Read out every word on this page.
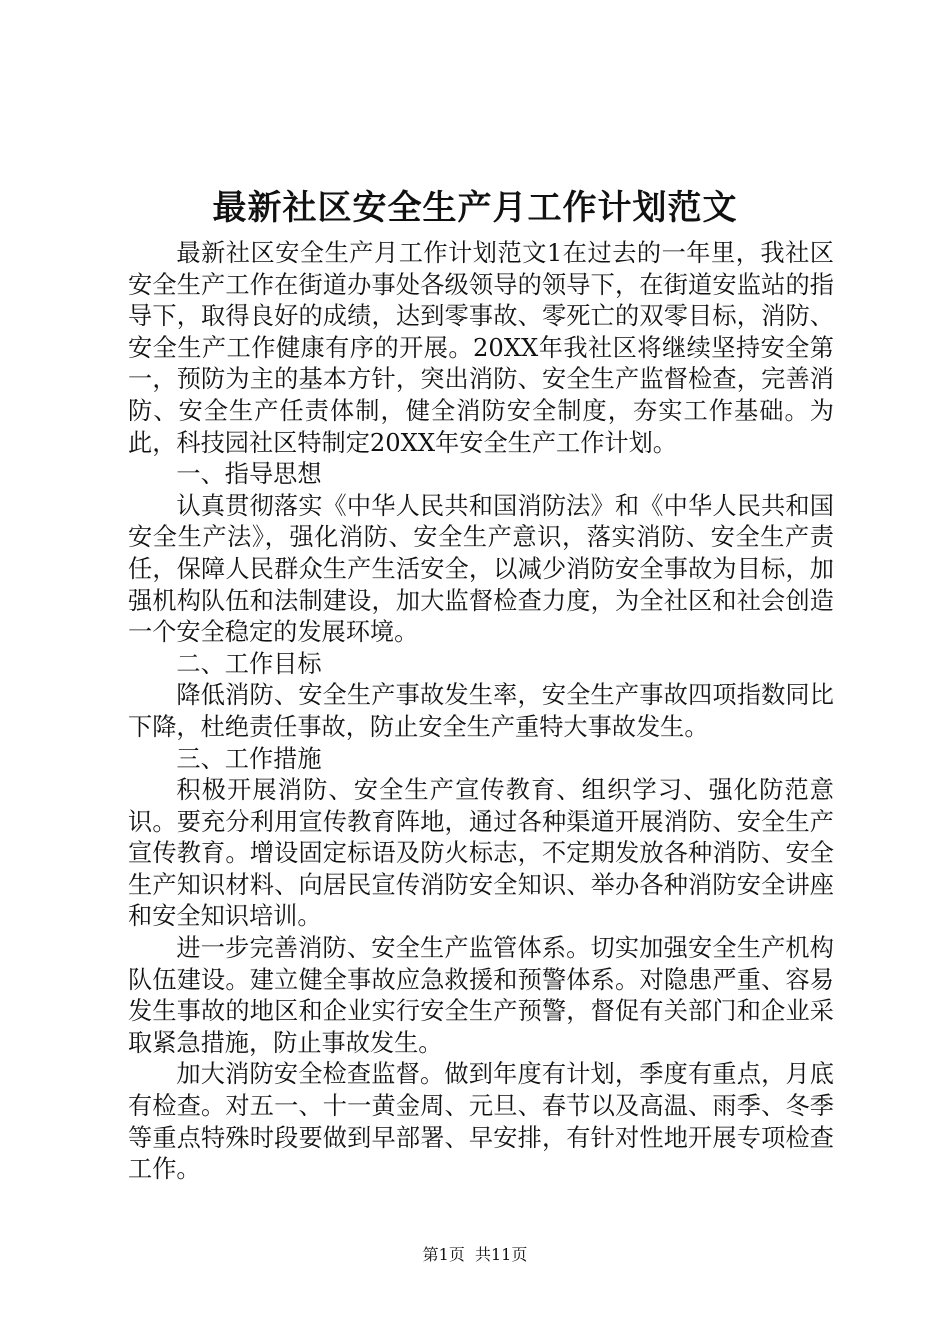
最新社区安全生产月工作计划范文

最新社区安全生产月工作计划范文1在过去的一年里，我社区安全生产工作在街道办事处各级领导的领导下，在街道安监站的指导下，取得良好的成绩，达到零事故、零死亡的双零目标，消防、安全生产工作健康有序的开展。20XX年我社区将继续坚持安全第一，预防为主的基本方针，突出消防、安全生产监督检查，完善消防、安全生产任责体制，健全消防安全制度，夯实工作基础。为此，科技园社区特制定20XX年安全生产工作计划。

一、指导思想

认真贯彻落实《中华人民共和国消防法》和《中华人民共和国安全生产法》，强化消防、安全生产意识，落实消防、安全生产责任，保障人民群众生产生活安全，以减少消防安全事故为目标，加强机构队伍和法制建设，加大监督检查力度，为全社区和社会创造一个安全稳定的发展环境。

二、工作目标

降低消防、安全生产事故发生率，安全生产事故四项指数同比下降，杜绝责任事故，防止安全生产重特大事故发生。

三、工作措施

积极开展消防、安全生产宣传教育、组织学习、强化防范意识。要充分利用宣传教育阵地，通过各种渠道开展消防、安全生产宣传教育。增设固定标语及防火标志，不定期发放各种消防、安全生产知识材料、向居民宣传消防安全知识、举办各种消防安全讲座和安全知识培训。

进一步完善消防、安全生产监管体系。切实加强安全生产机构队伍建设。建立健全事故应急救援和预警体系。对隐患严重、容易发生事故的地区和企业实行安全生产预警，督促有关部门和企业采取紧急措施，防止事故发生。

加大消防安全检查监督。做到年度有计划，季度有重点，月底有检查。对五一、十一黄金周、元旦、春节以及高温、雨季、冬季等重点特殊时段要做到早部署、早安排，有针对性地开展专项检查工作。

第1页  共11页
